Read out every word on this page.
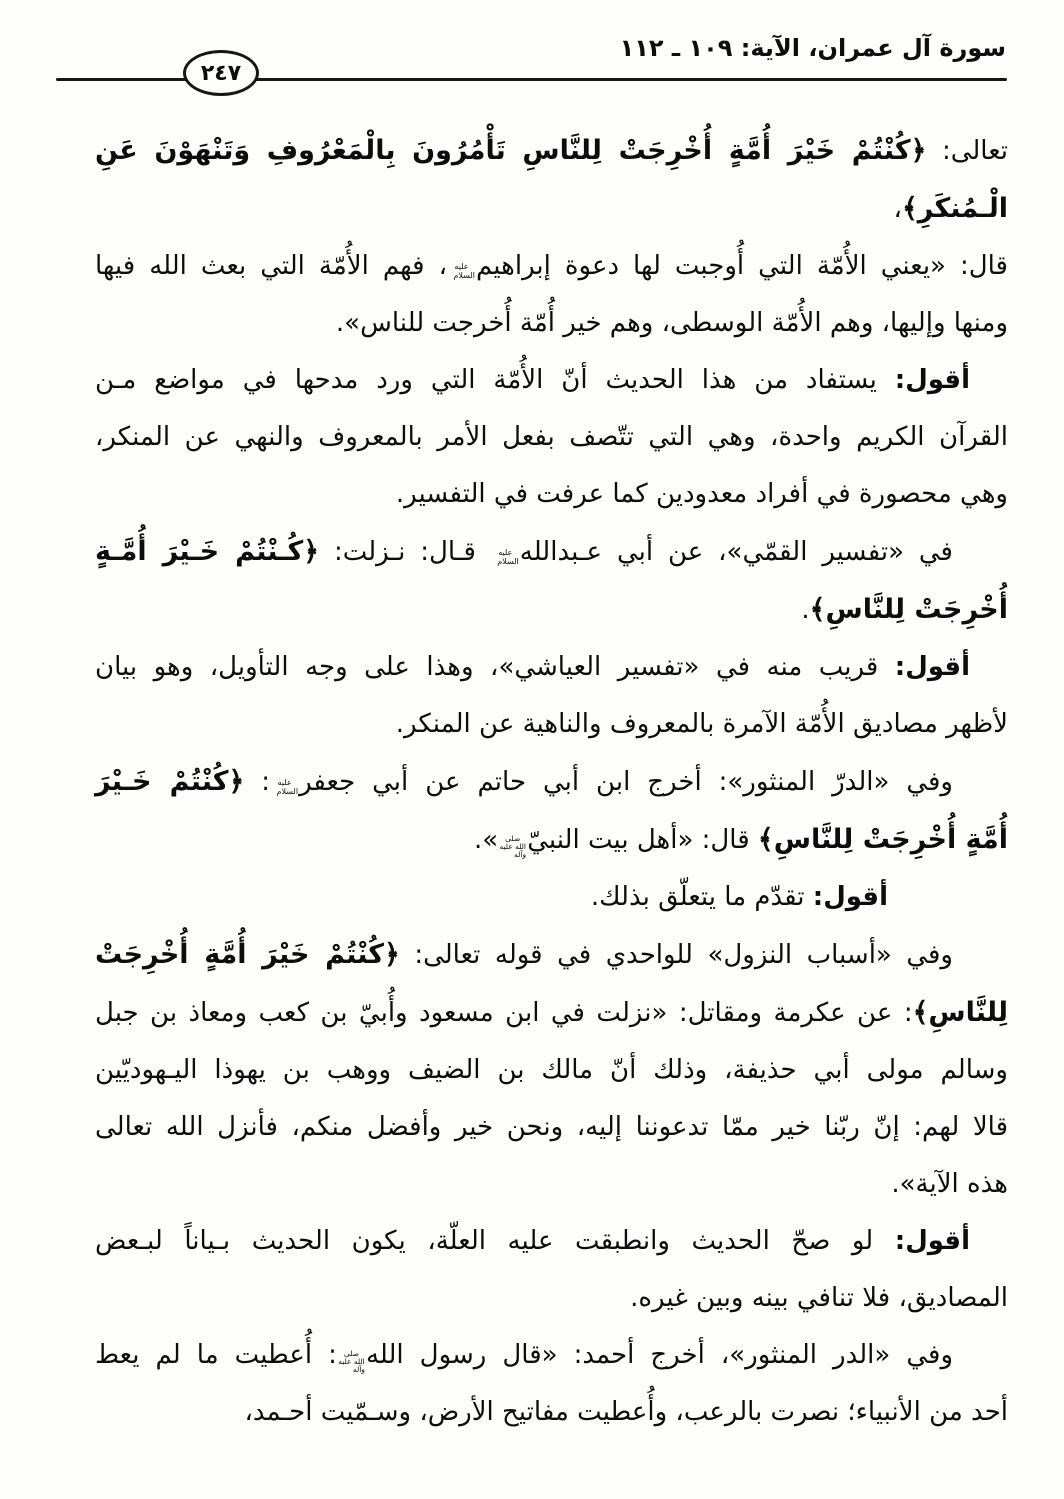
سورة آل عمران، الآية: ١٠٩ ـ ١١٢
٢٤٧
تعالى: ﴿كُنْتُمْ خَيْرَ أُمَّةٍ أُخْرِجَتْ لِلنَّاسِ تَأْمُرُونَ بِالْمَعْرُوفِ وَتَنْهَوْنَ عَنِ الْـمُنكَرِ﴾،
قال: «يعني الأُمّة التي أُوجبت لها دعوة إبراهيمعليه السلام، فهم الأُمّة التي بعث الله فيها
ومنها وإليها، وهم الأُمّة الوسطى، وهم خير أُمّة أُخرجت للناس».
أقول: يستفاد من هذا الحديث أنّ الأُمّة التي ورد مدحها في مواضع مـن
القرآن الكريم واحدة، وهي التي تتّصف بفعل الأمر بالمعروف والنهي عن المنكر،
وهي محصورة في أفراد معدودين كما عرفت في التفسير.
في «تفسير القمّي»، عن أبي عـبداللهعليه السلام قـال: نـزلت: ﴿كُـنْتُمْ خَـيْرَ أُمَّـةٍ
أُخْرِجَتْ لِلنَّاسِ﴾.
أقول: قريب منه في «تفسير العياشي»، وهذا على وجه التأويل، وهو بيان
لأظهر مصاديق الأُمّة الآمرة بالمعروف والناهية عن المنكر.
وفي «الدرّ المنثور»: أخرج ابن أبي حاتم عن أبي جعفرعليه السلام: ﴿كُنْتُمْ خَـيْرَ
أُمَّةٍ أُخْرِجَتْ لِلنَّاسِ﴾ قال: «أهل بيت النبيّصلى الله عليه وآله».
أقول: تقدّم ما يتعلّق بذلك.
وفي «أسباب النزول» للواحدي في قوله تعالى: ﴿كُنْتُمْ خَيْرَ أُمَّةٍ أُخْرِجَتْ
لِلنَّاسِ﴾: عن عكرمة ومقاتل: «نزلت في ابن مسعود وأُبيّ بن كعب ومعاذ بن جبل
وسالم مولى أبي حذيفة، وذلك أنّ مالك بن الضيف ووهب بن يهوذا اليـهوديّين
قالا لهم: إنّ ربّنا خير ممّا تدعوننا إليه، ونحن خير وأفضل منكم، فأنزل الله تعالى
هذه الآية».
أقول: لو صحّ الحديث وانطبقت عليه العلّة، يكون الحديث بـياناً لبـعض
المصاديق، فلا تنافي بينه وبين غيره.
وفي «الدر المنثور»، أخرج أحمد: «قال رسول اللهصلى الله عليه وآله: أُعطيت ما لم يعط
أحد من الأنبياء؛ نصرت بالرعب، وأُعطيت مفاتيح الأرض، وسـمّيت أحـمد،
